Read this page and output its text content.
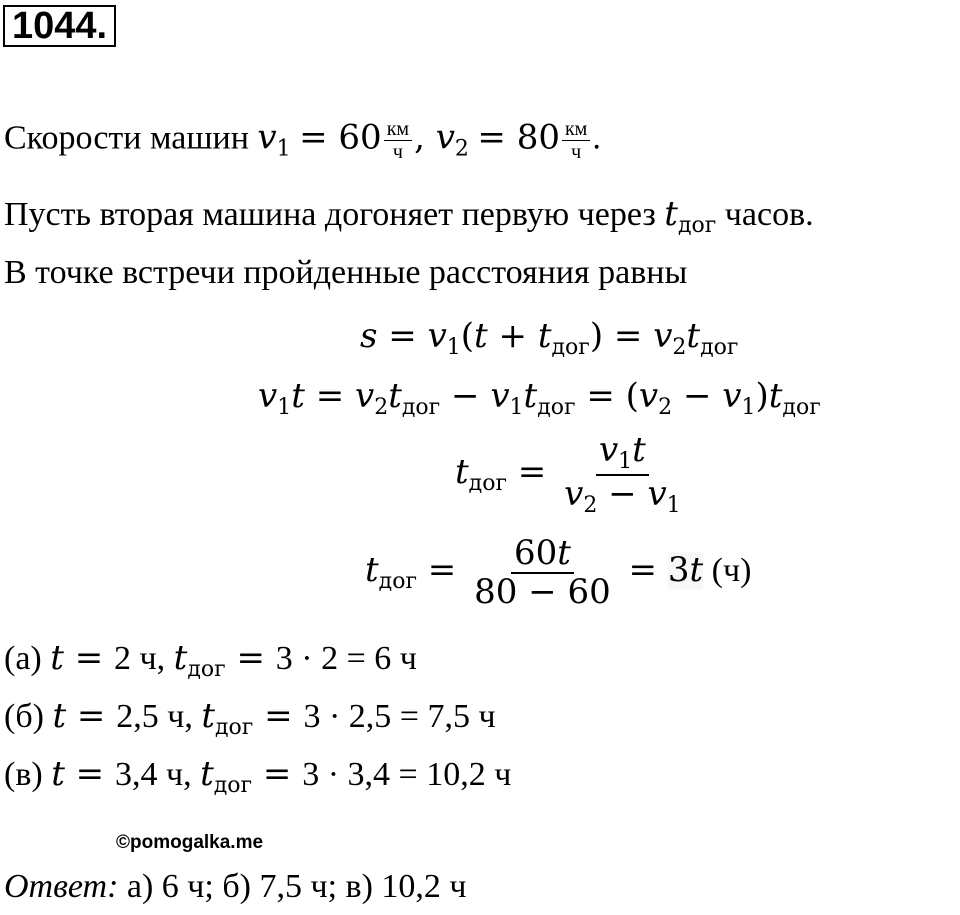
1044.
Скорости машин $v_1 = 60 \frac{км}{ч}$ , $v_2 = 80 \frac{км}{ч}$ .
Пусть вторая машина догоняет первую через $t_{дог}$ часов.
В точке встречи пройденные расстояния равны
$s = v_1(t + t_{дог}) = v_2t_{дог}$
$v_1t = v_2t_{дог} - v_1t_{дог} = (v_2 - v_1)t_{дог}$
$t_{дог} = \frac{v_1t}{v_2 - v_1}$
$t_{дог} = \frac{60t}{80 - 60} = 3t$ (ч)
(а) t = 2 ч, $t_{дог} = 3 \cdot 2 = 6$ ч
(б) t = 2,5 ч, $t_{дог} = 3 \cdot 2,5 = 7,5$ ч
(в) t = 3,4 ч, $t_{дог} = 3 \cdot 3,4 = 10,2$ ч
©pomogalka.me
Ответ: а) 6 ч; б) 7,5 ч; в) 10,2 ч
